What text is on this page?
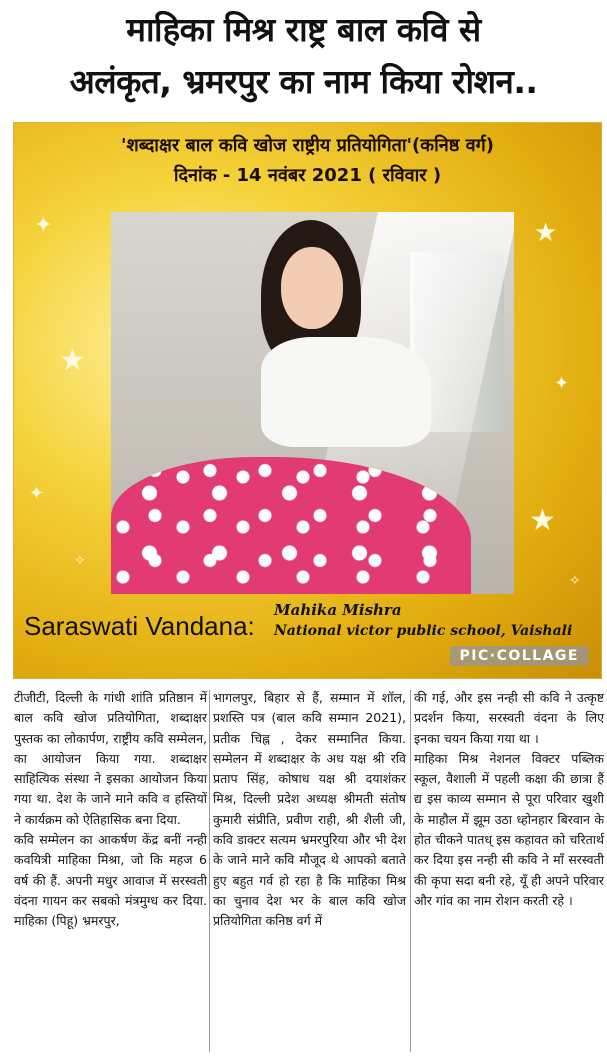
माहिका मिश्र राष्ट्र बाल कवि से
अलंकृत, भ्रमरपुर का नाम किया रोशन..
✦
★
✦
✧
★
✦
★
✧
'शब्दाक्षर बाल कवि खोज राष्ट्रीय प्रतियोगिता'(कनिष्ठ वर्ग)
दिनांक - 14 नवंबर 2021 ( रविवार )
Saraswati Vandana:
Mahika Mishra
National victor public school, Vaishali
PIC·COLLAGE

टीजीटी, दिल्ली के गांधी शांति प्रतिष्ठान में बाल कवि खोज प्रतियोगिता, शब्दाक्षर पुस्तक का लोकार्पण, राष्ट्रीय कवि सम्मेलन, का आयोजन किया गया. शब्दाक्षर साहित्यिक संस्था ने इसका आयोजन किया गया था. देश के जाने माने कवि व हस्तियों ने कार्यक्रम को ऐतिहासिक बना दिया.

कवि सम्मेलन का आकर्षण केंद्र बनीं नन्ही कवयित्री माहिका मिश्रा, जो कि महज 6 वर्ष की हैं. अपनी मधुर आवाज में सरस्वती वंदना गायन कर सबको मंत्रमुग्ध कर दिया. माहिका (पिहू) भ्रमरपुर,

भागलपुर, बिहार से हैं, सम्मान में शॉल, प्रशस्ति पत्र (बाल कवि सम्मान 2021), प्रतीक चिह्न , देकर सम्मानित किया. सम्मेलन में शब्दाक्षर के अध यक्ष श्री रवि प्रताप सिंह, कोषाध यक्ष श्री दयाशंकर मिश्र, दिल्ली प्रदेश अध्यक्ष श्रीमती संतोष कुमारी संप्रीति, प्रवीण राही, श्री शैली जी, कवि डाक्टर सत्यम भ्रमरपुरिया और भी देश के जाने माने कवि मौजूद थे आपको बताते हुए बहुत गर्व हो रहा है कि माहिका मिश्र का चुनाव देश भर के बाल कवि खोज प्रतियोगिता कनिष्ठ वर्ग में

की गई, और इस नन्ही सी कवि ने उत्कृष्ट प्रदर्शन किया, सरस्वती वंदना के लिए इनका चयन किया गया था ।

माहिका मिश्र नेशनल विक्टर पब्लिक स्कूल, वैशाली में पहली कक्षा की छात्रा हैं द्य इस काव्य सम्मान से पूरा परिवार खुशी के माहौल में झूम उठा ध्होनहार बिरवान के होत चीकने पातध् इस कहावत को चरितार्थ कर दिया इस नन्ही सी कवि ने माँ सरस्वती की कृपा सदा बनी रहे, यूँ ही अपने परिवार और गांव का नाम रोशन करती रहे ।
